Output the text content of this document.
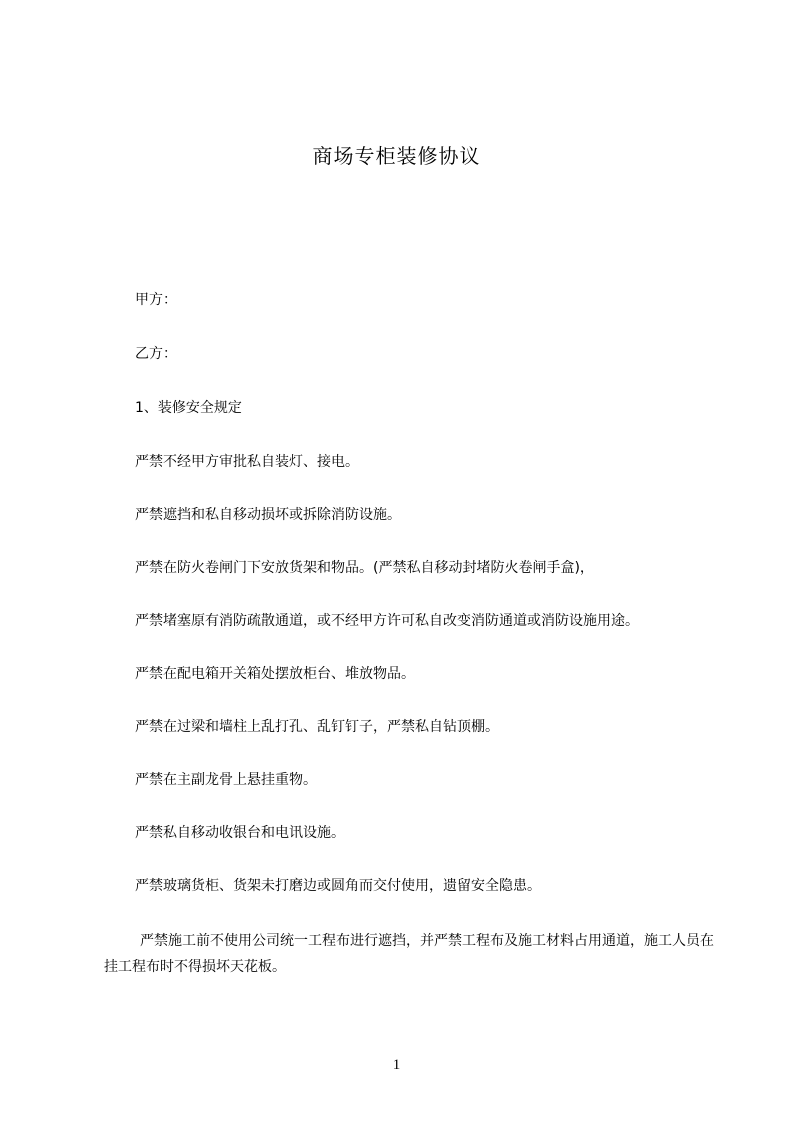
商场专柜装修协议
甲方：
乙方：
1、装修安全规定
严禁不经甲方审批私自装灯、接电。
严禁遮挡和私自移动损坏或拆除消防设施。
严禁在防火卷闸门下安放货架和物品。(严禁私自移动封堵防火卷闸手盒)，
严禁堵塞原有消防疏散通道，或不经甲方许可私自改变消防通道或消防设施用途。
严禁在配电箱开关箱处摆放柜台、堆放物品。
严禁在过梁和墙柱上乱打孔、乱钉钉子，严禁私自钻顶棚。
严禁在主副龙骨上悬挂重物。
严禁私自移动收银台和电讯设施。
严禁玻璃货柜、货架未打磨边或圆角而交付使用，遗留安全隐患。
严禁施工前不使用公司统一工程布进行遮挡，并严禁工程布及施工材料占用通道，施工人员在挂工程布时不得损坏天花板。
1
